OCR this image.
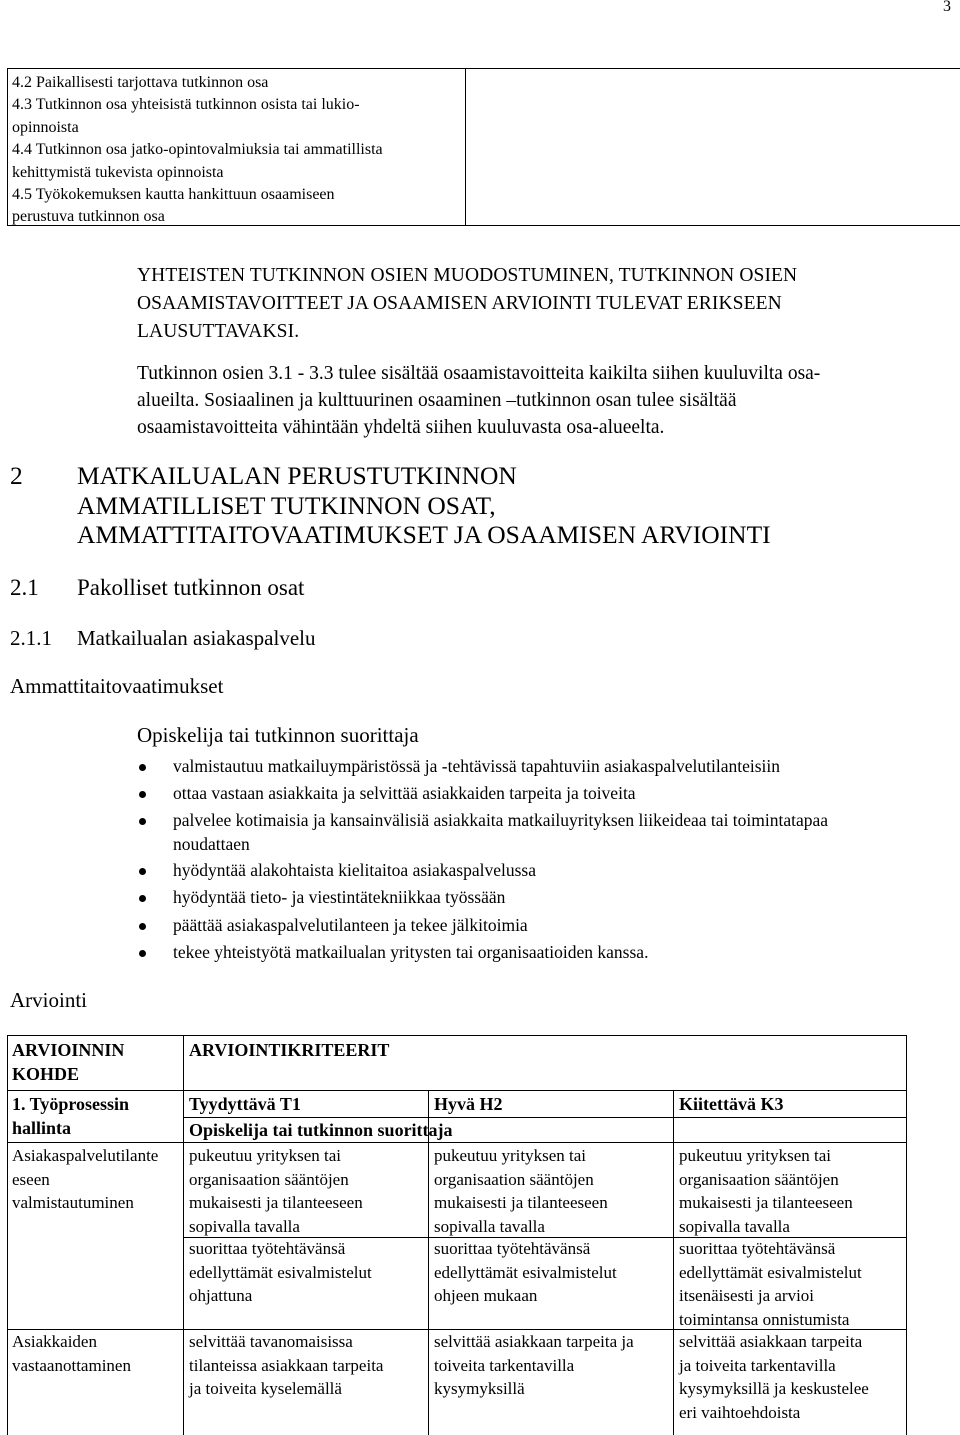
3
4.2 Paikallisesti tarjottava tutkinnon osa
4.3 Tutkinnon osa yhteisistä tutkinnon osista tai lukio-
opinnoista
4.4 Tutkinnon osa jatko-opintovalmiuksia tai ammatillista
kehittymistä tukevista opinnoista
4.5 Työkokemuksen kautta hankittuun osaamiseen
perustuva tutkinnon osa
YHTEISTEN TUTKINNON OSIEN MUODOSTUMINEN, TUTKINNON OSIEN
OSAAMISTAVOITTEET JA OSAAMISEN ARVIOINTI TULEVAT ERIKSEEN
LAUSUTTAVAKSI.
Tutkinnon osien 3.1 - 3.3 tulee sisältää osaamistavoitteita kaikilta siihen kuuluvilta osa-
alueilta. Sosiaalinen ja kulttuurinen osaaminen –tutkinnon osan tulee sisältää
osaamistavoitteita vähintään yhdeltä siihen kuuluvasta osa-alueelta.
2 MATKAILUALAN PERUSTUTKINNON
AMMATILLISET TUTKINNON OSAT,
AMMATTITAITOVAATIMUKSET JA OSAAMISEN ARVIOINTI
2.1 Pakolliset tutkinnon osat
2.1.1 Matkailualan asiakaspalvelu
Ammattitaitovaatimukset
Opiskelija tai tutkinnon suorittaja
valmistautuu matkailuympäristössä ja -tehtävissä tapahtuviin asiakaspalvelutilanteisiin
ottaa vastaan asiakkaita ja selvittää asiakkaiden tarpeita ja toiveita
palvelee kotimaisia ja kansainvälisiä asiakkaita matkailuyrityksen liikeideaa tai toimintatapaa
noudattaen
hyödyntää alakohtaista kielitaitoa asiakaspalvelussa
hyödyntää tieto- ja viestintätekniikkaa työssään
päättää asiakaspalvelutilanteen ja tekee jälkitoimia
tekee yhteistyötä matkailualan yritysten tai organisaatioiden kanssa.
Arviointi
ARVIOINNIN
KOHDE
ARVIOINTIKRITEERIT
1. Työprosessin
hallinta
Tyydyttävä T1	Hyvä H2	Kiitettävä K3
Opiskelija tai tutkinnon suorittaja
Asiakaspalvelutilante
eseen
valmistautuminen
pukeutuu yrityksen tai
organisaation sääntöjen
mukaisesti ja tilanteeseen
sopivalla tavalla
pukeutuu yrityksen tai
organisaation sääntöjen
mukaisesti ja tilanteeseen
sopivalla tavalla
pukeutuu yrityksen tai
organisaation sääntöjen
mukaisesti ja tilanteeseen
sopivalla tavalla
suorittaa työtehtävänsä
edellyttämät esivalmistelut
ohjattuna
suorittaa työtehtävänsä
edellyttämät esivalmistelut
ohjeen mukaan
suorittaa työtehtävänsä
edellyttämät esivalmistelut
itsenäisesti ja arvioi
toimintansa onnistumista
Asiakkaiden
vastaanottaminen
selvittää tavanomaisissa
tilanteissa asiakkaan tarpeita
ja toiveita kyselemällä
selvittää asiakkaan tarpeita ja
toiveita tarkentavilla
kysymyksillä
selvittää asiakkaan tarpeita
ja toiveita tarkentavilla
kysymyksillä ja keskustelee
eri vaihtoehdoista
